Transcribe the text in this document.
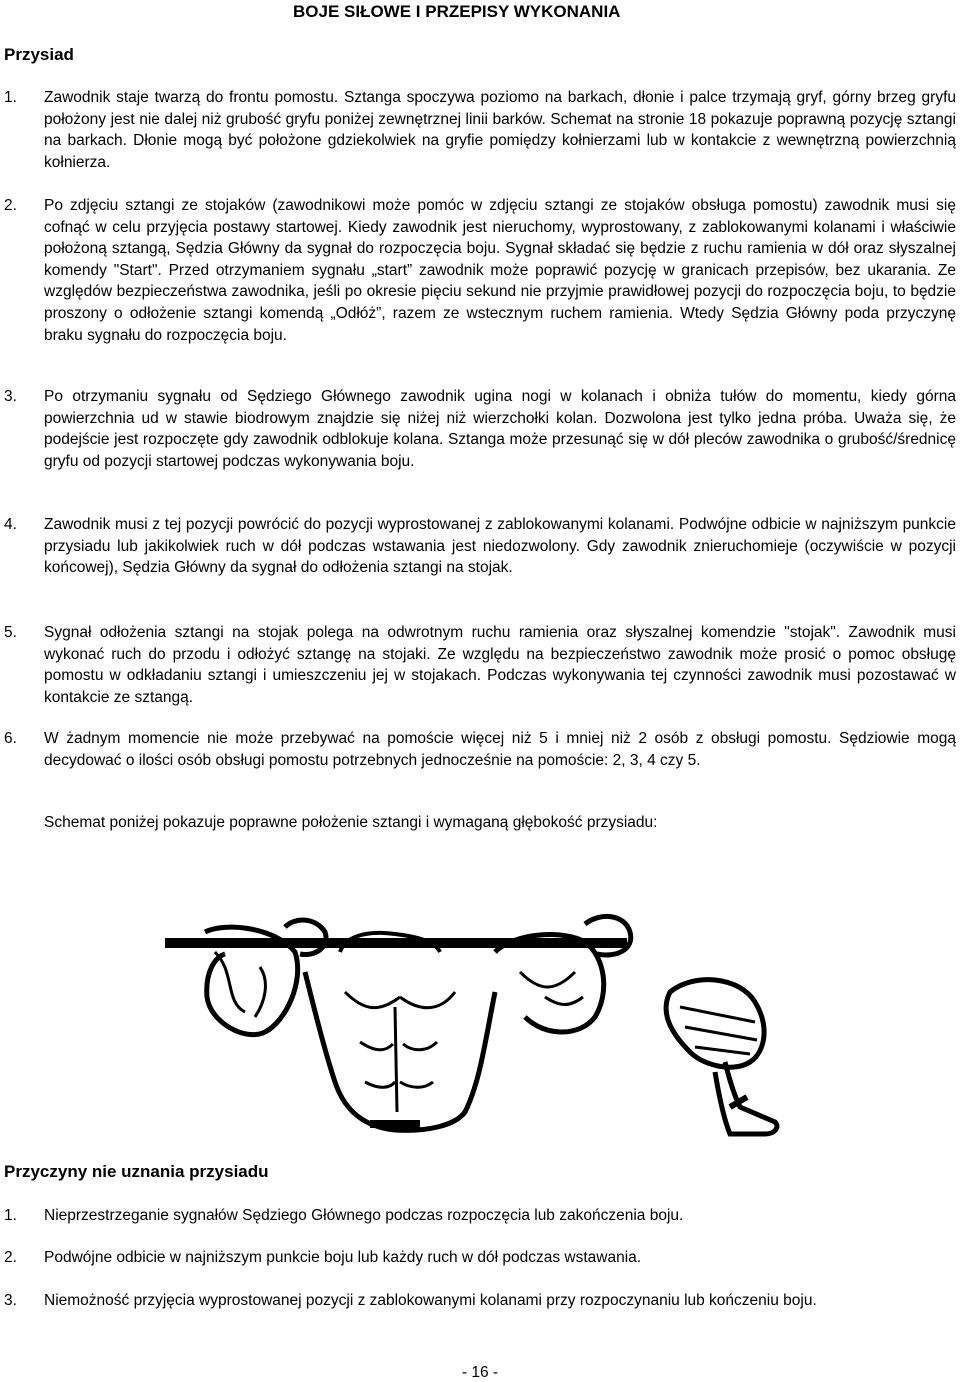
BOJE SIŁOWE I PRZEPISY WYKONANIA
Przysiad
1. Zawodnik staje twarzą do frontu pomostu. Sztanga spoczywa poziomo na barkach, dłonie i palce trzymają gryf, górny brzeg gryfu położony jest nie dalej niż grubość gryfu poniżej zewnętrznej linii barków. Schemat na stronie 18 pokazuje poprawną pozycję sztangi na barkach. Dłonie mogą być położone gdziekolwiek na gryfie pomiędzy kołnierzami lub w kontakcie z wewnętrzną powierzchnią kołnierza.
2. Po zdjęciu sztangi ze stojaków (zawodnikowi może pomóc w zdjęciu sztangi ze stojaków obsługa pomostu) zawodnik musi się cofnąć w celu przyjęcia postawy startowej. Kiedy zawodnik jest nieruchomy, wyprostowany, z zablokowanymi kolanami i właściwie położoną sztangą, Sędzia Główny da sygnał do rozpoczęcia boju. Sygnał składać się będzie z ruchu ramienia w dół oraz słyszalnej komendy "Start". Przed otrzymaniem sygnału „start” zawodnik może poprawić pozycję w granicach przepisów, bez ukarania. Ze względów bezpieczeństwa zawodnika, jeśli po okresie pięciu sekund nie przyjmie prawidłowej pozycji do rozpoczęcia boju, to będzie proszony o odłożenie sztangi komendą „Odłóż”, razem ze wstecznym ruchem ramienia. Wtedy Sędzia Główny poda przyczynę braku sygnału do rozpoczęcia boju.
3. Po otrzymaniu sygnału od Sędziego Głównego zawodnik ugina nogi w kolanach i obniża tułów do momentu, kiedy górna powierzchnia ud w stawie biodrowym znajdzie się niżej niż wierzchołki kolan. Dozwolona jest tylko jedna próba. Uważa się, że podejście jest rozpoczęte gdy zawodnik odblokuje kolana. Sztanga może przesunąć się w dół pleców zawodnika o grubość/średnicę gryfu od pozycji startowej podczas wykonywania boju.
4. Zawodnik musi z tej pozycji powrócić do pozycji wyprostowanej z zablokowanymi kolanami. Podwójne odbicie w najniższym punkcie przysiadu lub jakikolwiek ruch w dół podczas wstawania jest niedozwolony. Gdy zawodnik znieruchomieje (oczywiście w pozycji końcowej), Sędzia Główny da sygnał do odłożenia sztangi na stojak.
5. Sygnał odłożenia sztangi na stojak polega na odwrotnym ruchu ramienia oraz słyszalnej komendzie "stojak". Zawodnik musi wykonać ruch do przodu i odłożyć sztangę na stojaki. Ze względu na bezpieczeństwo zawodnik może prosić o pomoc obsługę pomostu w odkładaniu sztangi i umieszczeniu jej w stojakach. Podczas wykonywania tej czynności zawodnik musi pozostawać w kontakcie ze sztangą.
6. W żadnym momencie nie może przebywać na pomoście więcej niż 5 i mniej niż 2 osób z obsługi pomostu. Sędziowie mogą decydować o ilości osób obsługi pomostu potrzebnych jednocześnie na pomoście: 2, 3, 4 czy 5.
Schemat poniżej pokazuje poprawne położenie sztangi i wymaganą głębokość przysiadu:
Przyczyny nie uznania przysiadu
1. Nieprzestrzeganie sygnałów Sędziego Głównego podczas rozpoczęcia lub zakończenia boju.
2. Podwójne odbicie w najniższym punkcie boju lub każdy ruch w dół podczas wstawania.
3. Niemożność przyjęcia wyprostowanej pozycji z zablokowanymi kolanami przy rozpoczynaniu lub kończeniu boju.
- 16 -
